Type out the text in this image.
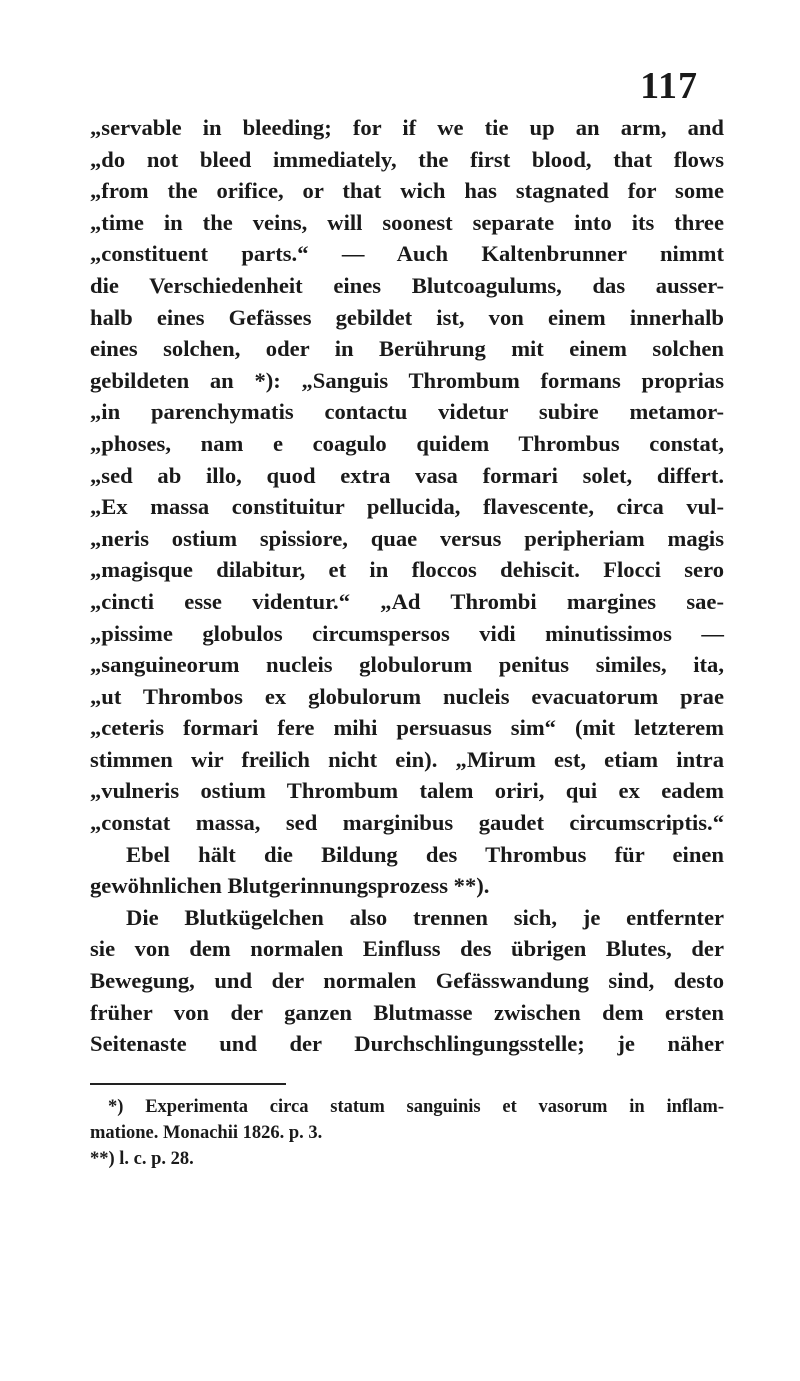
117
„servable in bleeding; for if we tie up an arm, and
„do not bleed immediately, the first blood, that flows
„from the orifice, or that wich has stagnated for some
„time in the veins, will soonest separate into its three
„constituent parts.“ — Auch Kaltenbrunner nimmt
die Verschiedenheit eines Blutcoagulums, das ausser-
halb eines Gefässes gebildet ist, von einem innerhalb
eines solchen, oder in Berührung mit einem solchen
gebildeten an *): „Sanguis Thrombum formans proprias
„in parenchymatis contactu videtur subire metamor-
„phoses, nam e coagulo quidem Thrombus constat,
„sed ab illo, quod extra vasa formari solet, differt.
„Ex massa constituitur pellucida, flavescente, circa vul-
„neris ostium spissiore, quae versus peripheriam magis
„magisque dilabitur, et in floccos dehiscit. Flocci sero
„cincti esse videntur.“ „Ad Thrombi margines sae-
„pissime globulos circumspersos vidi minutissimos —
„sanguineorum nucleis globulorum penitus similes, ita,
„ut Thrombos ex globulorum nucleis evacuatorum prae
„ceteris formari fere mihi persuasus sim“ (mit letzterem
stimmen wir freilich nicht ein). „Mirum est, etiam intra
„vulneris ostium Thrombum talem oriri, qui ex eadem
„constat massa, sed marginibus gaudet circumscriptis.“
Ebel hält die Bildung des Thrombus für einen
gewöhnlichen Blutgerinnungsprozess **).
Die Blutkügelchen also trennen sich, je entfernter
sie von dem normalen Einfluss des übrigen Blutes, der
Bewegung, und der normalen Gefässwandung sind, desto
früher von der ganzen Blutmasse zwischen dem ersten
Seitenaste und der Durchschlingungsstelle; je näher
*) Experimenta circa statum sanguinis et vasorum in inflam-
matione. Monachii 1826. p. 3.
**) l. c. p. 28.
